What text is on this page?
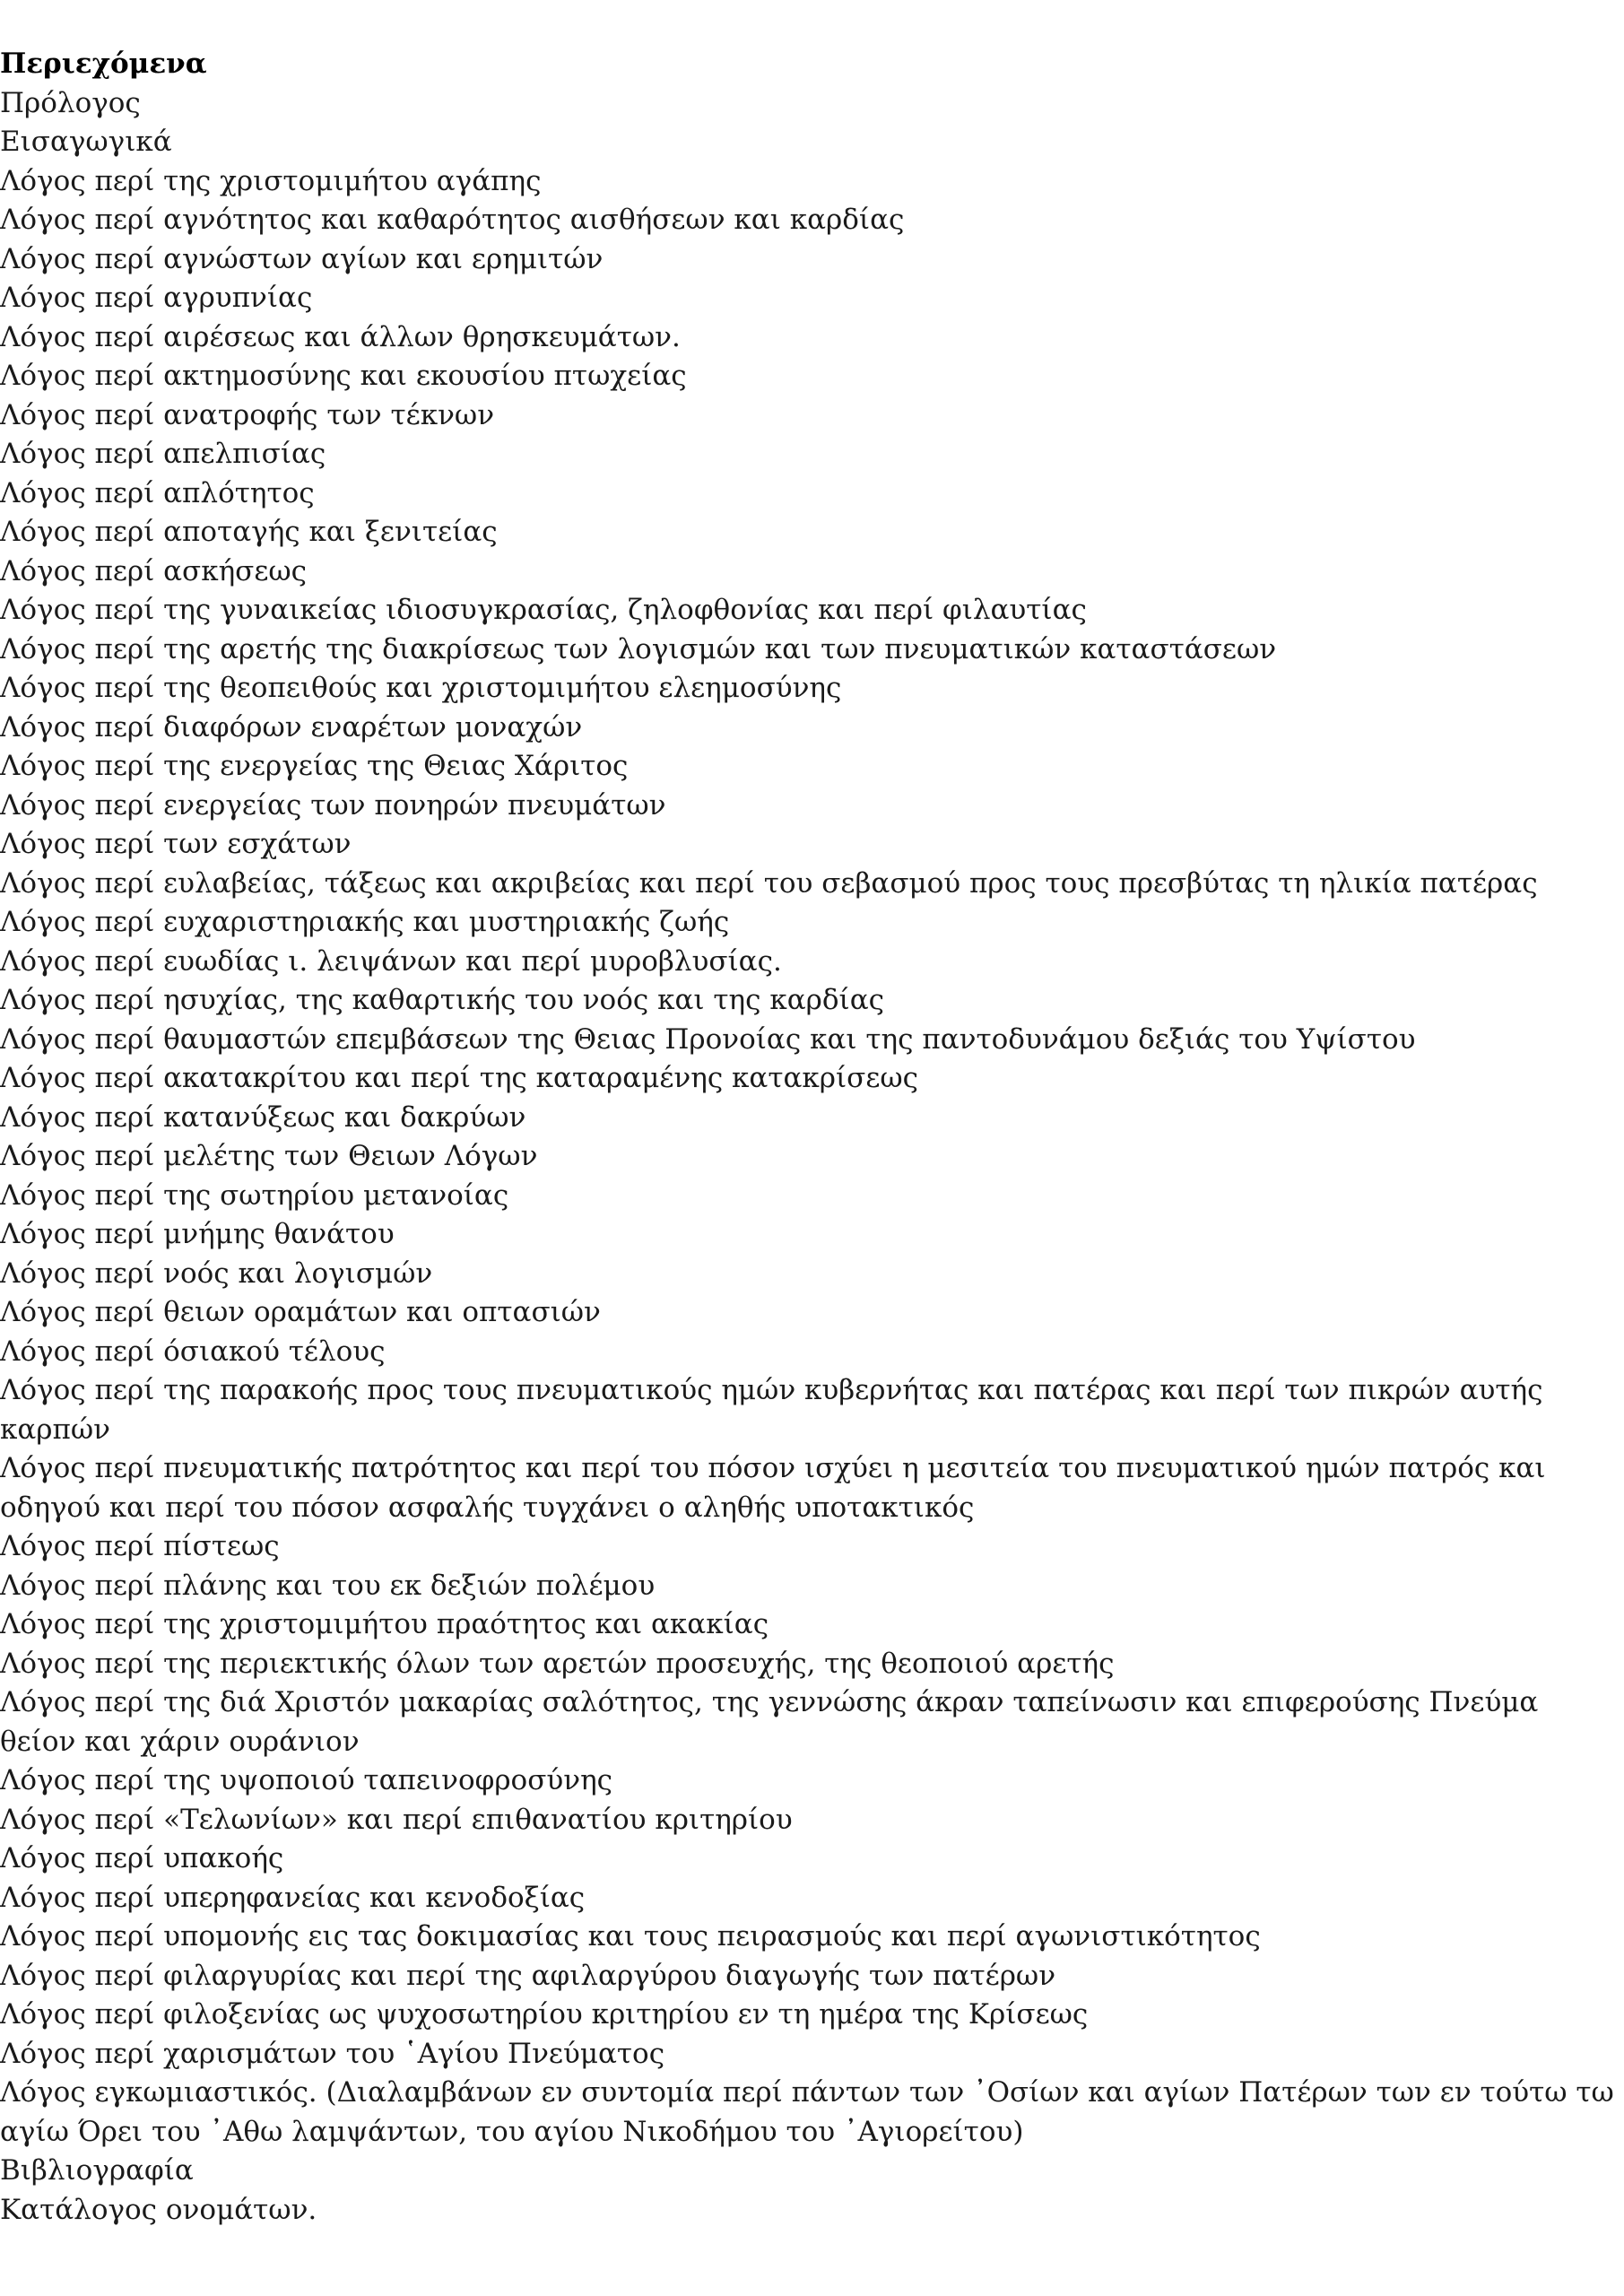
Περιεχόμενα
Πρόλογος
Εισαγωγικά
Λόγος περί της χριστομιμήτου αγάπης
Λόγος περί αγνότητος και καθαρότητος αισθήσεων και καρδίας
Λόγος περί αγνώστων αγίων και ερημιτών
Λόγος περί αγρυπνίας
Λόγος περί αιρέσεως και άλλων θρησκευμάτων.
Λόγος περί ακτημοσύνης και εκουσίου πτωχείας
Λόγος περί ανατροφής των τέκνων
Λόγος περί απελπισίας
Λόγος περί απλότητος
Λόγος περί αποταγής και ξενιτείας
Λόγος περί ασκήσεως
Λόγος περί της γυναικείας ιδιοσυγκρασίας, ζηλοφθονίας και περί φιλαυτίας
Λόγος περί της αρετής της διακρίσεως των λογισμών και των πνευματικών καταστάσεων
Λόγος περί της θεοπειθούς και χριστομιμήτου ελεημοσύνης
Λόγος περί διαφόρων εναρέτων μοναχών
Λόγος περί της ενεργείας της Θειας Χάριτος
Λόγος περί ενεργείας των πονηρών πνευμάτων
Λόγος περί των εσχάτων
Λόγος περί ευλαβείας, τάξεως και ακριβείας και περί του σεβασμού προς τους πρεσβύτας τη ηλικία πατέρας
Λόγος περί ευχαριστηριακής και μυστηριακής ζωής
Λόγος περί ευωδίας ι. λειψάνων και περί μυροβλυσίας.
Λόγος περί ησυχίας, της καθαρτικής του νοός και της καρδίας
Λόγος περί θαυμαστών επεμβάσεων της Θειας Προνοίας και της παντοδυνάμου δεξιάς του Υψίστου
Λόγος περί ακατακρίτου και περί της καταραμένης κατακρίσεως
Λόγος περί κατανύξεως και δακρύων
Λόγος περί μελέτης των Θειων Λόγων
Λόγος περί της σωτηρίου μετανοίας
Λόγος περί μνήμης θανάτου
Λόγος περί νοός και λογισμών
Λόγος περί θειων οραμάτων και οπτασιών
Λόγος περί όσιακού τέλους
Λόγος περί της παρακοής προς τους πνευματικούς ημών κυβερνήτας και πατέρας και περί των πικρών αυτής καρπών
Λόγος περί πνευματικής πατρότητος και περί του πόσον ισχύει η μεσιτεία του πνευματικού ημών πατρός και οδηγού και περί του πόσον ασφαλής τυγχάνει ο αληθής υποτακτικός
Λόγος περί πίστεως
Λόγος περί πλάνης και του εκ δεξιών πολέμου
Λόγος περί της χριστομιμήτου πραότητος και ακακίας
Λόγος περί της περιεκτικής όλων των αρετών προσευχής, της θεοποιού αρετής
Λόγος περί της διά Χριστόν μακαρίας σαλότητος, της γεννώσης άκραν ταπείνωσιν και επιφερούσης Πνεύμα θείον και χάριν ουράνιον
Λόγος περί της υψοποιού ταπεινοφροσύνης
Λόγος περί «Τελωνίων» και περί επιθανατίου κριτηρίου
Λόγος περί υπακοής
Λόγος περί υπερηφανείας και κενοδοξίας
Λόγος περί υπομονής εις τας δοκιμασίας και τους πειρασμούς και περί αγωνιστικότητος
Λόγος περί φιλαργυρίας και περί της αφιλαργύρου διαγωγής των πατέρων
Λόγος περί φιλοξενίας ως ψυχοσωτηρίου κριτηρίου εν τη ημέρα της Κρίσεως
Λόγος περί χαρισμάτων του ῾Αγίου Πνεύματος
Λόγος εγκωμιαστικός. (Διαλαμβάνων εν συντομία περί πάντων των ᾽Οσίων και αγίων Πατέρων των εν τούτω τω αγίω Όρει του ᾽Αθω λαμψάντων, του αγίου Νικοδήμου του ᾽Αγιορείτου)
Βιβλιογραφία
Κατάλογος ονομάτων.
